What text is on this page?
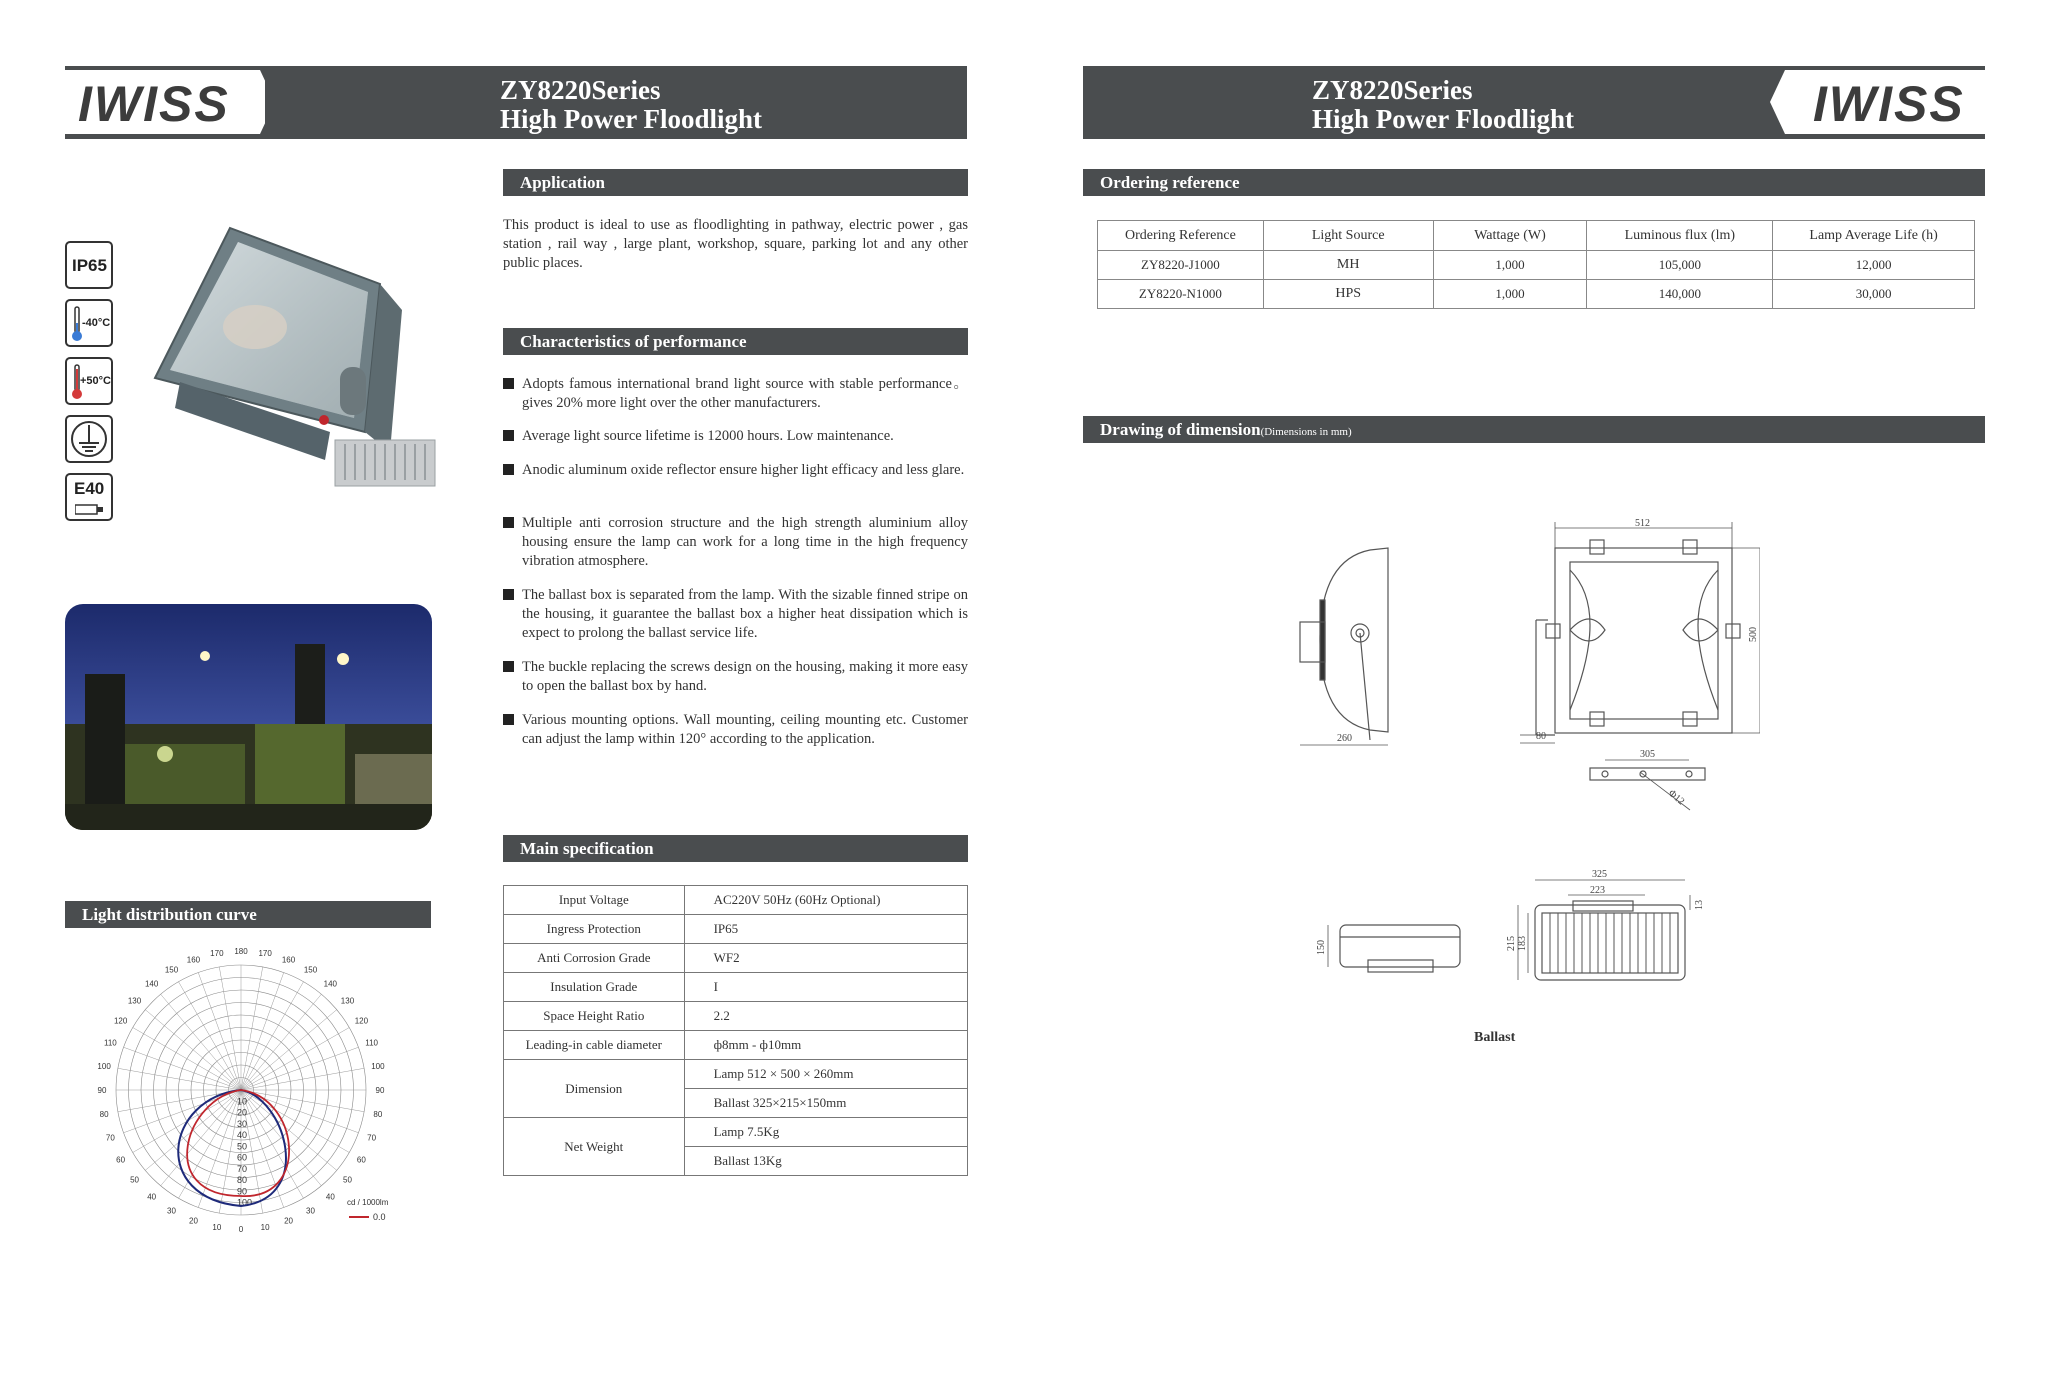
IWISS	ZY8220Series
High Power Floodlight	IWISS
ZY8220Series
High Power Floodlight
IP65
-40°C
+50°C
E40
Light distribution curve
180
170
160
150
140
130
120
110
100
90
80
70
60
50
40
30
20
10 0
170
160
150
140
130
120
110
100
90
80
70
60
50
40
30
20
10
10
20
30
40
50
60
70
80
90
100	cd / 1000lm
0.0
Application
This product is ideal to use as floodlighting in pathway, electric power , gas station , rail way , large plant, workshop, square, parking lot and any other public places.
Characteristics of performance
Adopts famous international brand light source with stable performance。gives 20% more light over the other manufacturers.
Average light source lifetime is 12000 hours. Low maintenance.
Anodic aluminum oxide reflector ensure higher light efficacy and less glare.
Multiple anti corrosion structure and the high strength aluminium alloy housing ensure the lamp can work for a long time in the high frequency vibration atmosphere.
The ballast box is separated from the lamp. With the sizable finned stripe on the housing, it guarantee the ballast box a higher heat dissipation which is expect to prolong the ballast service life.
The buckle replacing the screws design on the housing, making it more easy to open the ballast box by hand.
Various mounting options. Wall mounting, ceiling mounting etc. Customer can adjust the lamp within 120° according to the application.
Main specification
Input Voltage	AC220V 50Hz (60Hz Optional)
Ingress Protection	IP65
Anti Corrosion Grade	WF2
Insulation Grade	I
Space Height Ratio	2.2
Leading-in cable diameter	ф8mm - ф10mm
Dimension	Lamp 512 × 500 × 260mm
	Ballast 325×215×150mm
Net Weight	Lamp 7.5Kg
	Ballast 13Kg
Ordering reference
Ordering Reference	Light Source	Wattage (W)	Luminous flux (lm)	Lamp Average Life (h)
ZY8220-J1000	MH	1,000	105,000	12,000
ZY8220-N1000	HPS	1,000	140,000	30,000
Drawing of dimension(Dimensions in mm)
512
500
260	80
305
Φ12
325
223
13
150	215 183
Ballast
